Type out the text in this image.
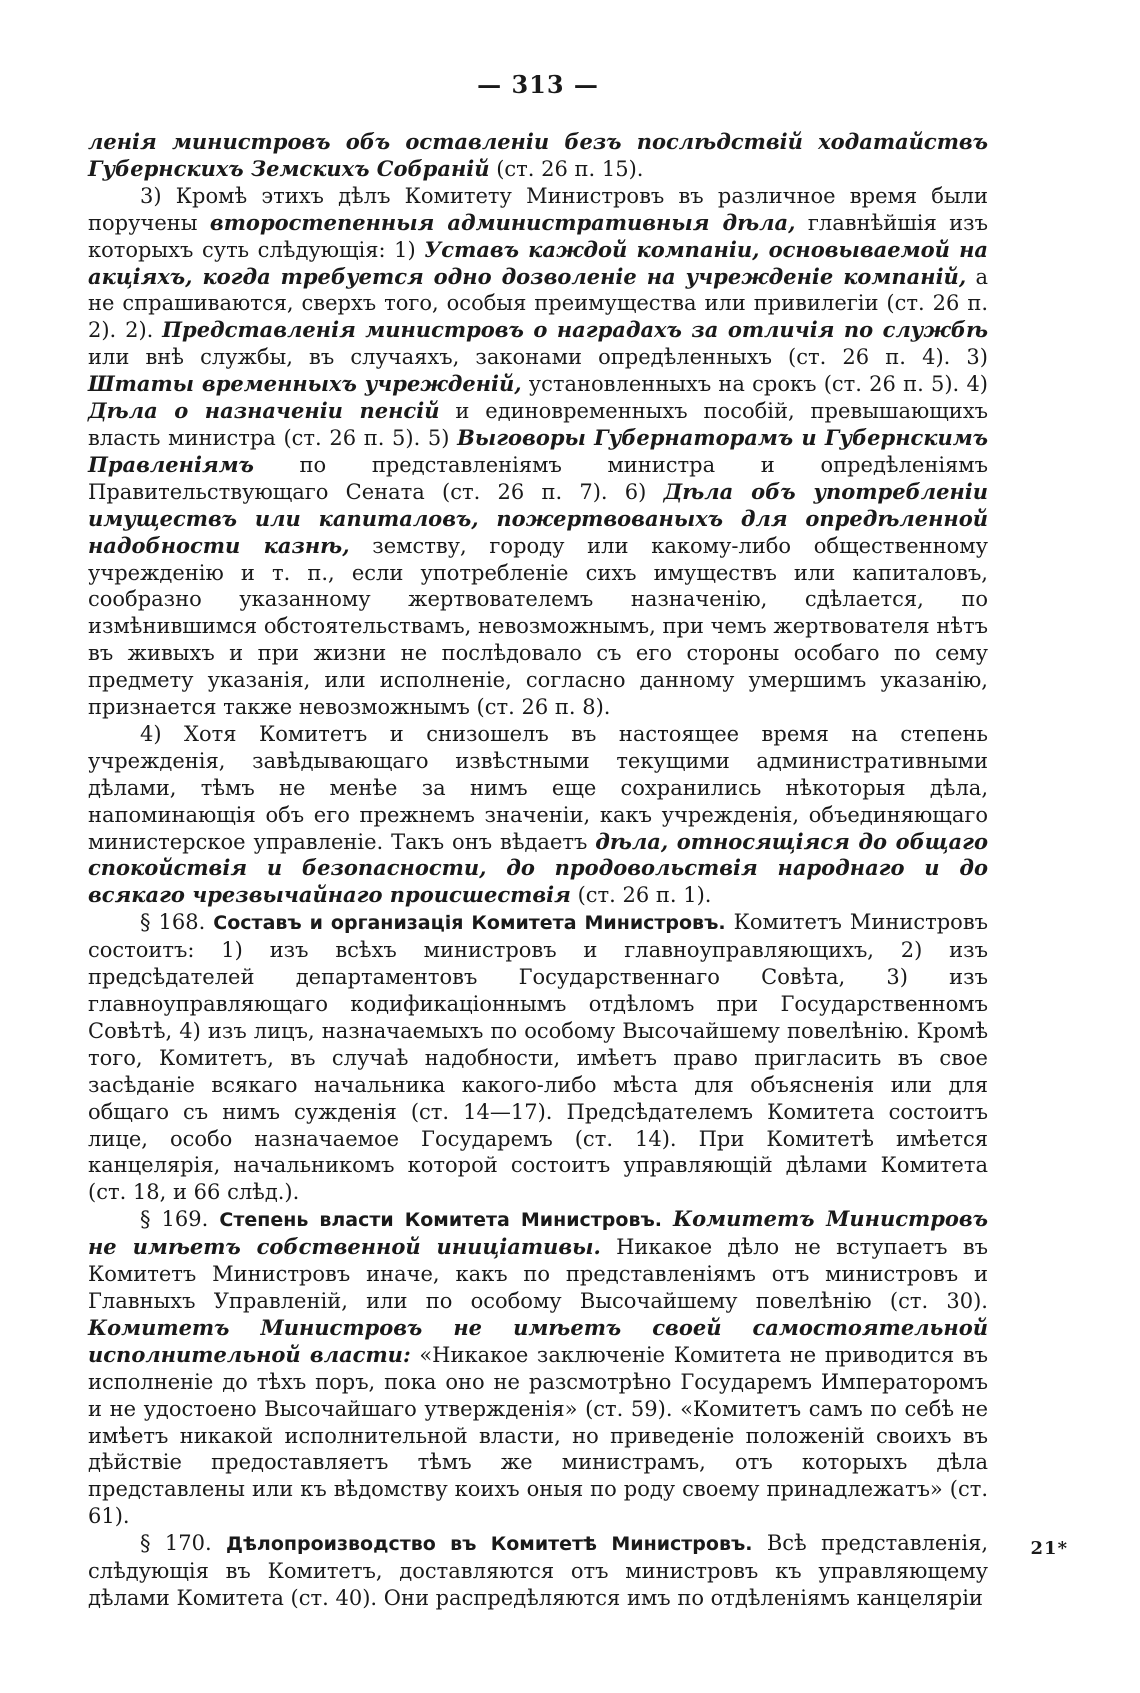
— 313 —

ленія министровъ объ оставленіи безъ послѣдствій ходатайствъ Губернскихъ Земскихъ Собраній (ст. 26 п. 15).

3) Кромѣ этихъ дѣлъ Комитету Министровъ въ различное время были поручены второстепенныя административныя дѣла, главнѣйшія изъ которыхъ суть слѣдующія: 1) Уставъ каждой компаніи, основываемой на акціяхъ, когда требуется одно дозволеніе на учрежденіе компаній, а не спрашиваются, сверхъ того, особыя преимущества или привилегіи (ст. 26 п. 2). 2). Представленія министровъ о наградахъ за отличія по службѣ или внѣ службы, въ случаяхъ, законами опредѣленныхъ (ст. 26 п. 4). 3) Штаты временныхъ учрежденій, установленныхъ на срокъ (ст. 26 п. 5). 4) Дѣла о назначеніи пенсій и единовременныхъ пособій, превышающихъ власть министра (ст. 26 п. 5). 5) Выговоры Губернаторамъ и Губернскимъ Правленіямъ по представленіямъ министра и опредѣленіямъ Правительствующаго Сената (ст. 26 п. 7). 6) Дѣла объ употребленіи имуществъ или капиталовъ, пожертвованыхъ для опредѣленной надобности казнѣ, земству, городу или какому-либо общественному учрежденію и т. п., если употребленіе сихъ имуществъ или капиталовъ, сообразно указанному жертвователемъ назначенію, сдѣлается, по измѣнившимся обстоятельствамъ, невозможнымъ, при чемъ жертвователя нѣтъ въ живыхъ и при жизни не послѣдовало съ его стороны особаго по сему предмету указанія, или исполненіе, согласно данному умершимъ указанію, признается также невозможнымъ (ст. 26 п. 8).

4) Хотя Комитетъ и снизошелъ въ настоящее время на степень учрежденія, завѣдывающаго извѣстными текущими административными дѣлами, тѣмъ не менѣе за нимъ еще сохранились нѣкоторыя дѣла, напоминающія объ его прежнемъ значеніи, какъ учрежденія, объединяющаго министерское управленіе. Такъ онъ вѣдаетъ дѣла, относящіяся до общаго спокойствія и безопасности, до продовольствія народнаго и до всякаго чрезвычайнаго происшествія (ст. 26 п. 1).

§ 168. Составъ и организація Комитета Министровъ. Комитетъ Министровъ состоитъ: 1) изъ всѣхъ министровъ и главноуправляющихъ, 2) изъ предсѣдателей департаментовъ Государственнаго Совѣта, 3) изъ главноуправляющаго кодификаціоннымъ отдѣломъ при Государственномъ Совѣтѣ, 4) изъ лицъ, назначаемыхъ по особому Высочайшему повелѣнію. Кромѣ того, Комитетъ, въ случаѣ надобности, имѣетъ право пригласить въ свое засѣданіе всякаго начальника какого-либо мѣста для объясненія или для общаго съ нимъ сужденія (ст. 14—17). Предсѣдателемъ Комитета состоитъ лице, особо назначаемое Государемъ (ст. 14). При Комитетѣ имѣется канцелярія, начальникомъ которой состоитъ управляющій дѣлами Комитета (ст. 18, и 66 слѣд.).

§ 169. Степень власти Комитета Министровъ. Комитетъ Министровъ не имѣетъ собственной иниціативы. Никакое дѣло не вступаетъ въ Комитетъ Министровъ иначе, какъ по представленіямъ отъ министровъ и Главныхъ Управленій, или по особому Высочайшему повелѣнію (ст. 30). Комитетъ Министровъ не имѣетъ своей самостоятельной исполнительной власти: «Никакое заключеніе Комитета не приводится въ исполненіе до тѣхъ поръ, пока оно не разсмотрѣно Государемъ Императоромъ и не удостоено Высочайшаго утвержденія» (ст. 59). «Комитетъ самъ по себѣ не имѣетъ никакой исполнительной власти, но приведеніе положеній своихъ въ дѣйствіе предоставляетъ тѣмъ же министрамъ, отъ которыхъ дѣла представлены или къ вѣдомству коихъ оныя по роду своему принадлежатъ» (ст. 61).

§ 170. Дѣлопроизводство въ Комитетѣ Министровъ. Всѣ представленія, слѣдующія въ Комитетъ, доставляются отъ министровъ къ управляющему дѣлами Комитета (ст. 40). Они распредѣляются имъ по отдѣленіямъ канцеляріи

21*
